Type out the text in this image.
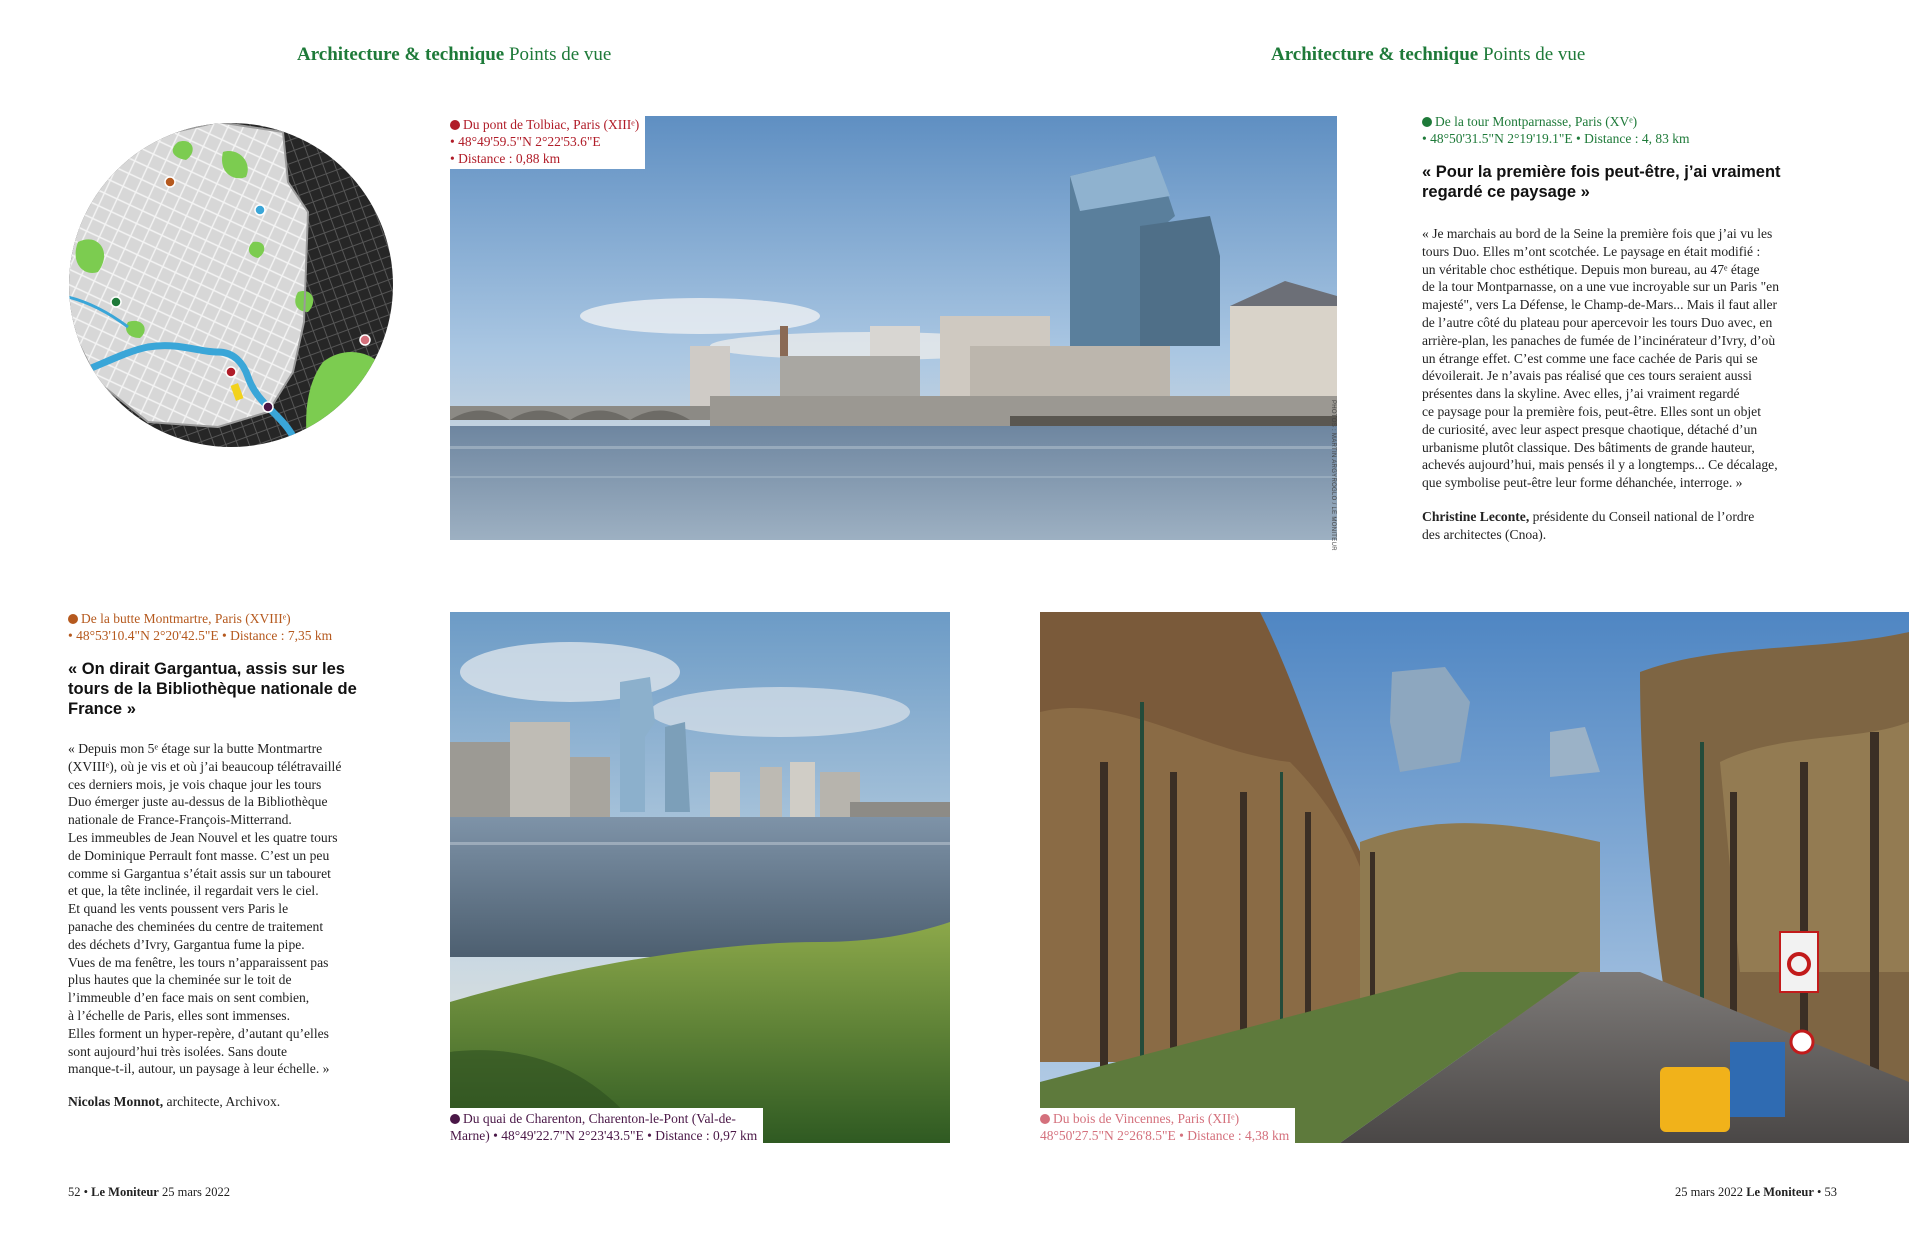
Architecture & technique Points de vue	Architecture & technique Points de vue
PHOTOS : MARTIN ARGYROGLO / LE MONITEUR
Du pont de Tolbiac, Paris (XIIIᵉ)
• 48°49'59.5"N 2°22'53.6"E
• Distance : 0,88 km
De la tour Montparnasse, Paris (XVᵉ)
• 48°50'31.5"N 2°19'19.1"E • Distance : 4, 83 km
« Pour la première fois peut-être, j’ai vraiment regardé ce paysage »

« Je marchais au bord de la Seine la première fois que j’ai vu les

tours Duo. Elles m’ont scotchée. Le paysage en était modifié :

un véritable choc esthétique. Depuis mon bureau, au 47ᵉ étage

de la tour Montparnasse, on a une vue incroyable sur un Paris "en

majesté", vers La Défense, le Champ-de-Mars... Mais il faut aller

de l’autre côté du plateau pour apercevoir les tours Duo avec, en

arrière-plan, les panaches de fumée de l’incinérateur d’Ivry, d’où

un étrange effet. C’est comme une face cachée de Paris qui se

dévoilerait. Je n’avais pas réalisé que ces tours seraient aussi

présentes dans la skyline. Avec elles, j’ai vraiment regardé

ce paysage pour la première fois, peut-être. Elles sont un objet

de curiosité, avec leur aspect presque chaotique, détaché d’un

urbanisme plutôt classique. Des bâtiments de grande hauteur,

achevés aujourd’hui, mais pensés il y a longtemps... Ce décalage,

que symbolise peut-être leur forme déhanchée, interroge. »

Christine Leconte, présidente du Conseil national de l’ordre
des architectes (Cnoa).
De la butte Montmartre, Paris (XVIIIᵉ)
• 48°53'10.4"N 2°20'42.5"E • Distance : 7,35 km
« On dirait Gargantua, assis sur les tours de la Bibliothèque nationale de France »

« Depuis mon 5ᵉ étage sur la butte Montmartre

(XVIIIᵉ), où je vis et où j’ai beaucoup télétravaillé

ces derniers mois, je vois chaque jour les tours

Duo émerger juste au-dessus de la Bibliothèque

nationale de France-François-Mitterrand.

Les immeubles de Jean Nouvel et les quatre tours

de Dominique Perrault font masse. C’est un peu

comme si Gargantua s’était assis sur un tabouret

et que, la tête inclinée, il regardait vers le ciel.

Et quand les vents poussent vers Paris le

panache des cheminées du centre de traitement

des déchets d’Ivry, Gargantua fume la pipe.

Vues de ma fenêtre, les tours n’apparaissent pas

plus hautes que la cheminée sur le toit de

l’immeuble d’en face mais on sent combien,

à l’échelle de Paris, elles sont immenses.

Elles forment un hyper-repère, d’autant qu’elles

sont aujourd’hui très isolées. Sans doute

manque-t-il, autour, un paysage à leur échelle. »

Nicolas Monnot, architecte, Archivox.
Du quai de Charenton, Charenton-le-Pont (Val-de-
Marne) • 48°49'22.7"N 2°23'43.5"E • Distance : 0,97 km
Du bois de Vincennes, Paris (XIIᵉ)
48°50'27.5"N 2°26'8.5"E • Distance : 4,38 km
52 • Le Moniteur 25 mars 2022	25 mars 2022 Le Moniteur • 53
